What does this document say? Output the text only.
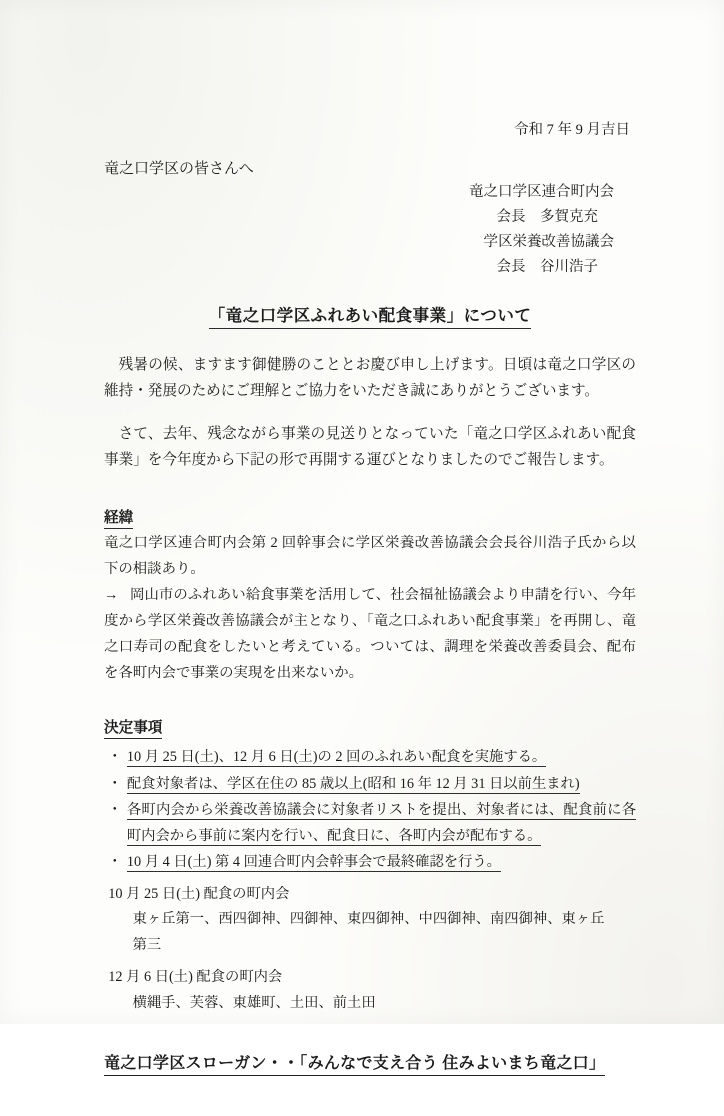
令和 7 年 9 月吉日
竜之口学区の皆さんへ
竜之口学区連合町内会
会長　多賀克充
学区栄養改善協議会
会長　谷川浩子
「竜之口学区ふれあい配食事業」について

残暑の候、ますます御健勝のこととお慶び申し上げます。日頃は竜之口学区の維持・発展のためにご理解とご協力をいただき誠にありがとうございます。

さて、去年、残念ながら事業の見送りとなっていた「竜之口学区ふれあい配食事業」を今年度から下記の形で再開する運びとなりましたのでご報告します。

経緯

竜之口学区連合町内会第 2 回幹事会に学区栄養改善協議会会長谷川浩子氏から以下の相談あり。

→ 岡山市のふれあい給食事業を活用して、社会福祉協議会より申請を行い、今年度から学区栄養改善協議会が主となり、「竜之口ふれあい配食事業」を再開し、竜之口寿司の配食をしたいと考えている。ついては、調理を栄養改善委員会、配布を各町内会で事業の実現を出来ないか。

決定事項
・ 10 月 25 日(土)、12 月 6 日(土)の 2 回のふれあい配食を実施する。
・ 配食対象者は、学区在住の 85 歳以上(昭和 16 年 12 月 31 日以前生まれ)
・ 各町内会から栄養改善協議会に対象者リストを提出、対象者には、配食前に各町内会から事前に案内を行い、配食日に、各町内会が配布する。
・ 10 月 4 日(土) 第 4 回連合町内会幹事会で最終確認を行う。
10 月 25 日(土) 配食の町内会
東ヶ丘第一、西四御神、四御神、東四御神、中四御神、南四御神、東ヶ丘
第三
12 月 6 日(土) 配食の町内会
横縄手、芙蓉、東雄町、土田、前土田
竜之口学区スローガン・・「みんなで支え合う 住みよいまち竜之口」
